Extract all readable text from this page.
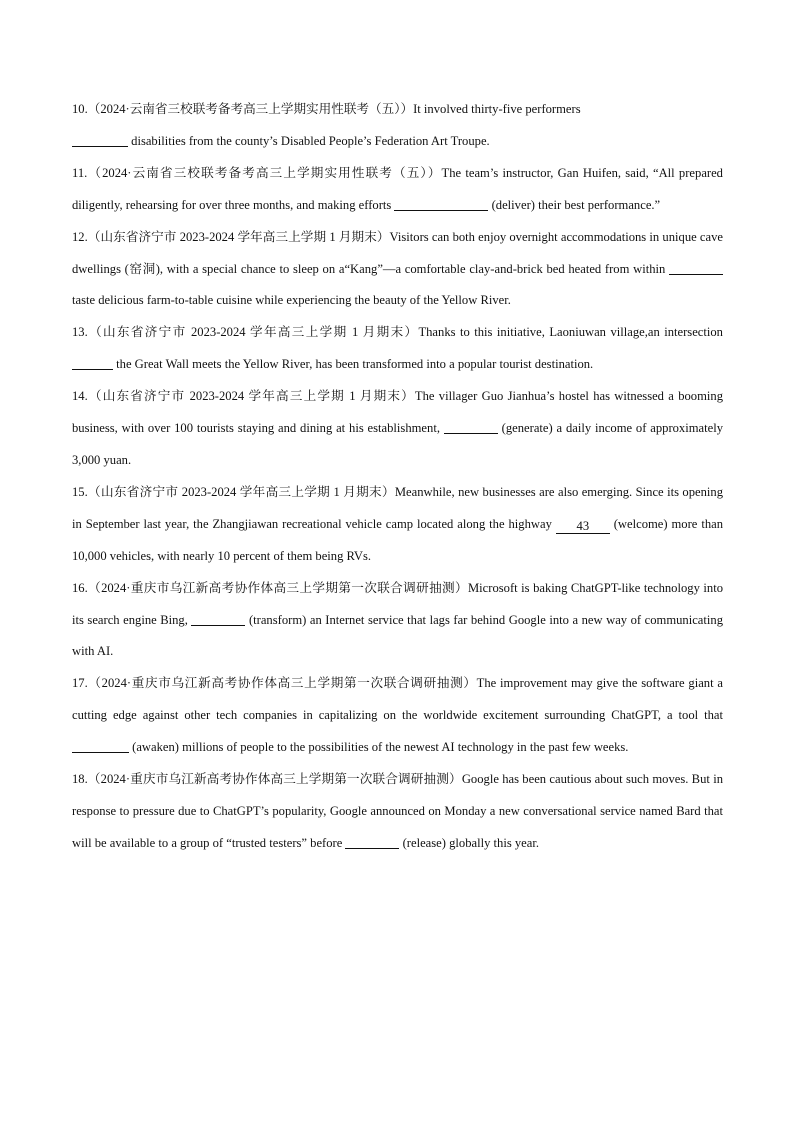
10.（2024·云南省三校联考备考高三上学期实用性联考（五））It involved thirty-five performers
disabilities from the county’s Disabled People’s Federation Art Troupe.

11.（2024·云南省三校联考备考高三上学期实用性联考（五））The team’s instructor, Gan Huifen, said, “All prepared diligently, rehearsing for over three months, and making efforts	(deliver) their best performance.”

12.（山东省济宁市 2023-2024 学年高三上学期 1 月期末）Visitors can both enjoy overnight accommodations in unique cave dwellings (窑洞), with a special chance to sleep on a“Kang”—a comfortable clay-and-brick bed heated from within  taste delicious farm-to-table cuisine while experiencing the beauty of the Yellow River.

13.（山东省济宁市 2023-2024 学年高三上学期 1 月期末）Thanks to this initiative, Laoniuwan village,an intersection  the Great Wall meets the Yellow River, has been transformed into a popular tourist destination.

14.（山东省济宁市 2023-2024 学年高三上学期 1 月期末）The villager Guo Jianhua’s hostel has witnessed a booming business, with over 100 tourists staying and dining at his establishment,	(generate) a daily income of approximately 3,000 yuan.

15.（山东省济宁市 2023-2024 学年高三上学期 1 月期末）Meanwhile, new businesses are also emerging. Since its opening in September last year, the Zhangjiawan recreational vehicle camp located along the highway 43 (welcome) more than 10,000 vehicles, with nearly 10 percent of them being RVs.

16.（2024·重庆市乌江新高考协作体高三上学期第一次联合调研抽测）Microsoft is baking ChatGPT-like technology into its search engine Bing,	(transform) an Internet service that lags far behind Google into a new way of communicating with AI.

17.（2024·重庆市乌江新高考协作体高三上学期第一次联合调研抽测）The improvement may give the software giant a cutting edge against other tech companies in capitalizing on the worldwide excitement surrounding ChatGPT, a tool that  (awaken) millions of people to the possibilities of the newest AI technology in the past few weeks.

18.（2024·重庆市乌江新高考协作体高三上学期第一次联合调研抽测）Google has been cautious about such moves. But in response to pressure due to ChatGPT’s popularity, Google announced on Monday a new conversational service named Bard that will be available to a group of “trusted testers” before	(release) globally this year.
